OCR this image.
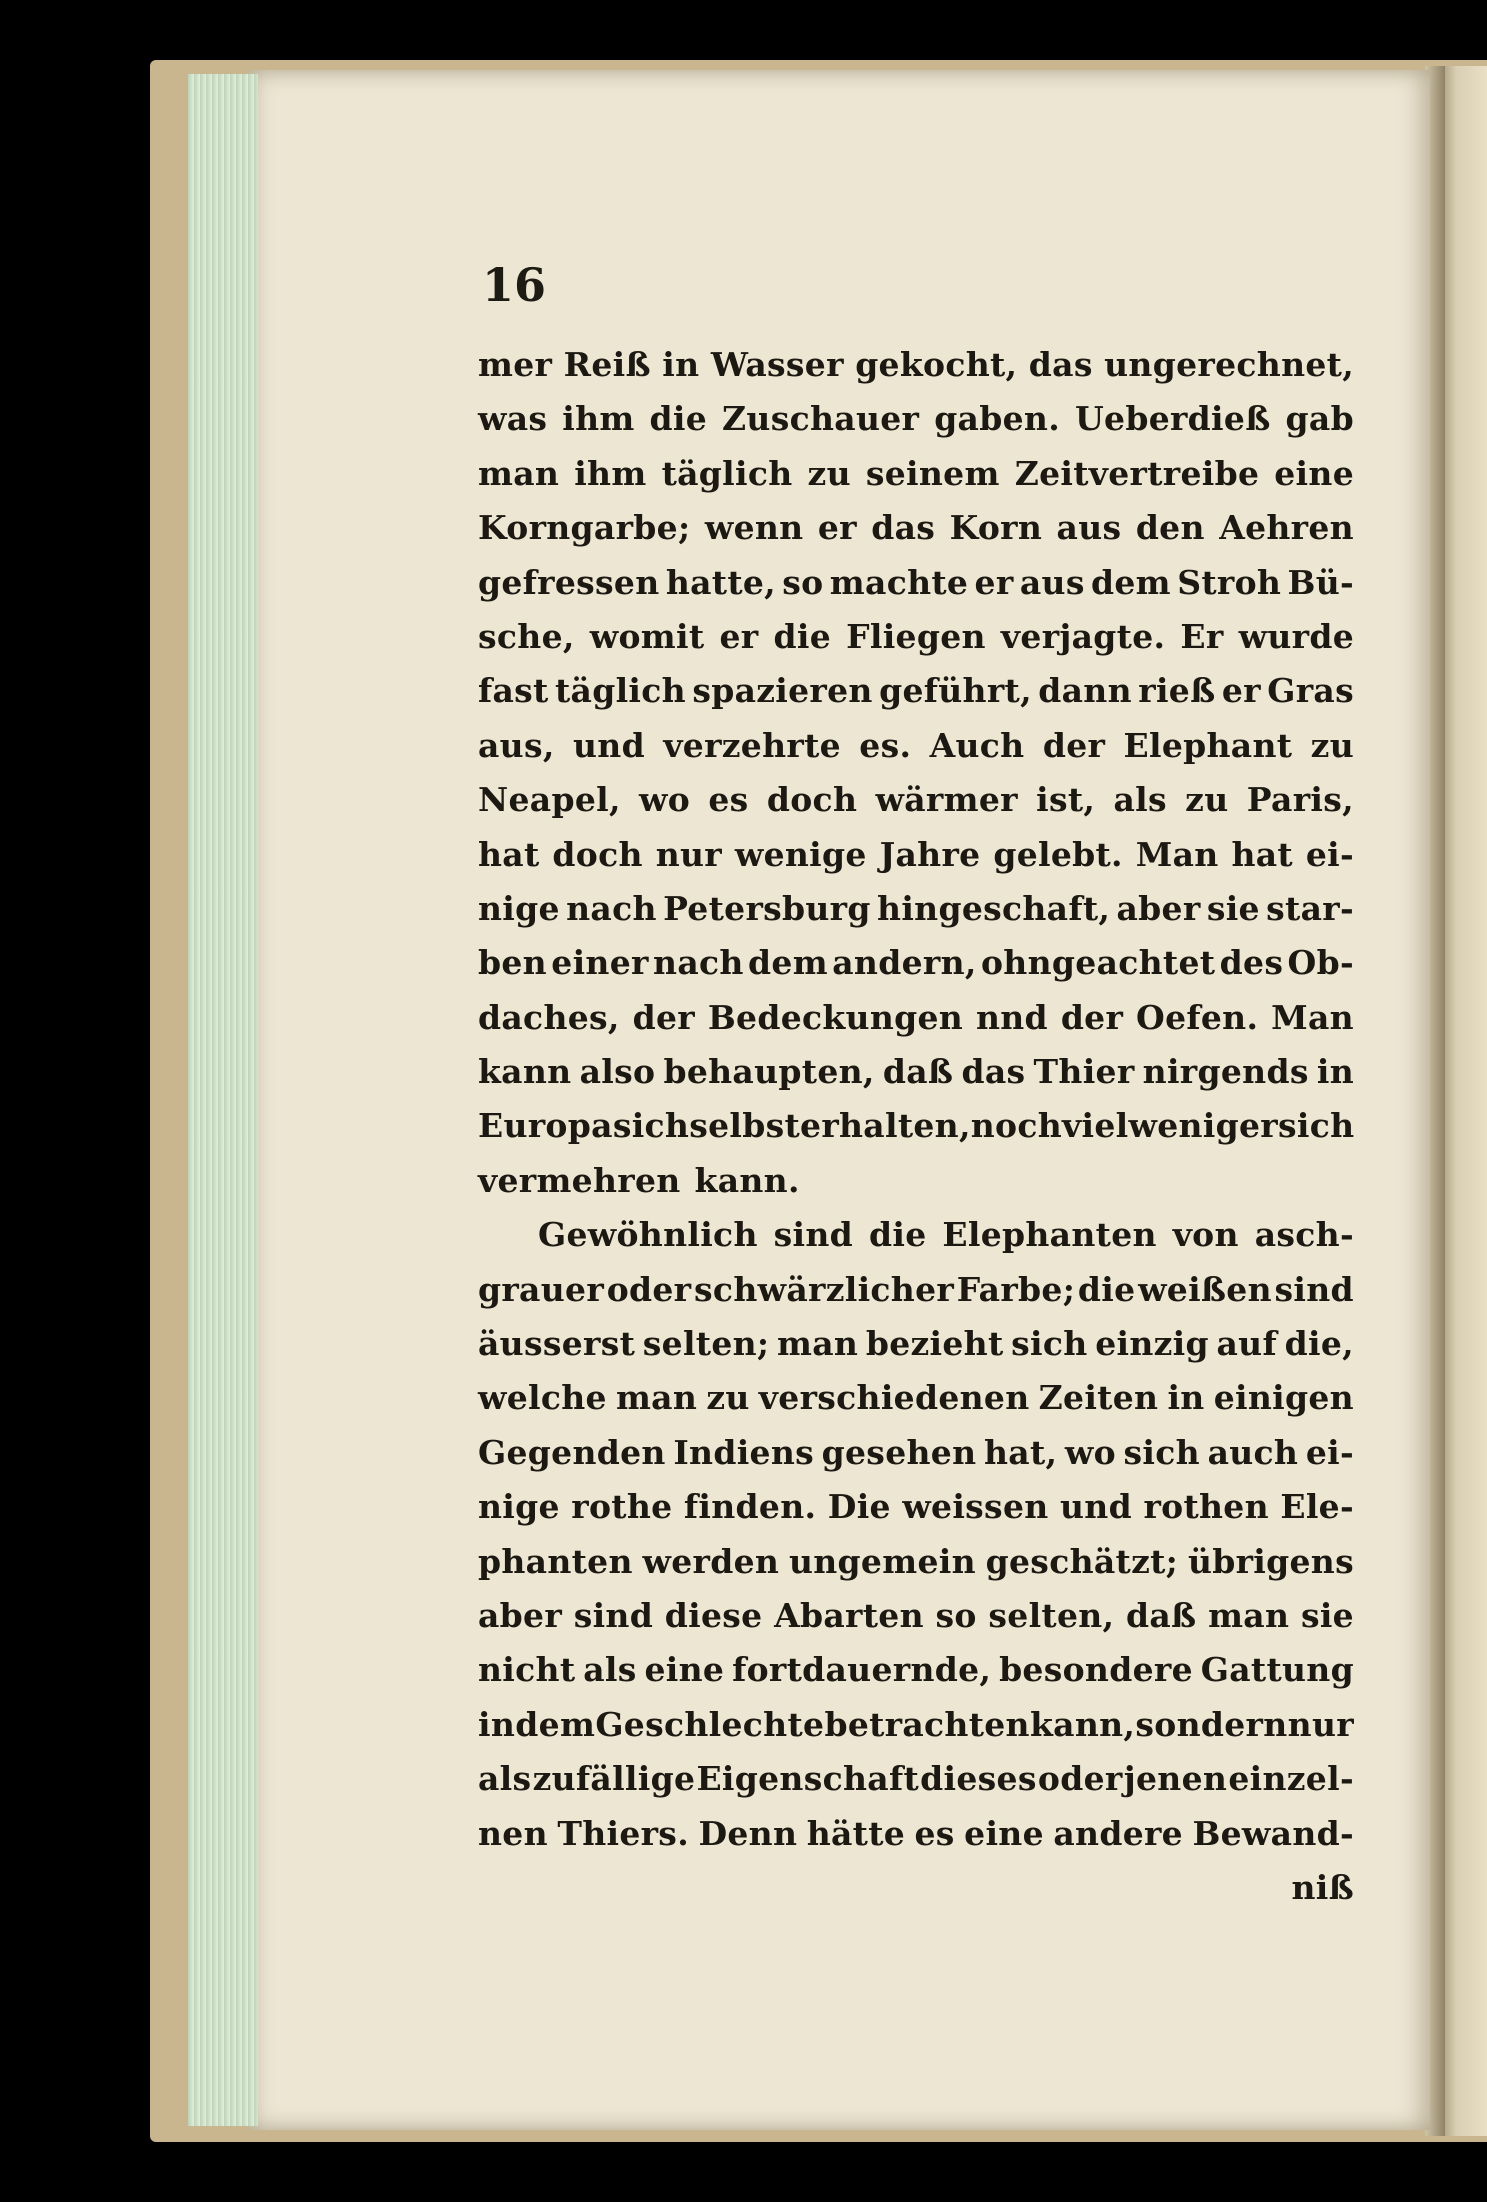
16
mer Reiß in Wasser gekocht, das ungerechnet,
was ihm die Zuschauer gaben. Ueberdieß gab
man ihm täglich zu seinem Zeitvertreibe eine
Korngarbe; wenn er das Korn aus den Aehren
gefressen hatte, so machte er aus dem Stroh Bü-
sche, womit er die Fliegen verjagte. Er wurde
fast täglich spazieren geführt, dann rieß er Gras
aus, und verzehrte es. Auch der Elephant zu
Neapel, wo es doch wärmer ist, als zu Paris,
hat doch nur wenige Jahre gelebt. Man hat ei-
nige nach Petersburg hingeschaft, aber sie star-
ben einer nach dem andern, ohngeachtet des Ob-
daches, der Bedeckungen nnd der Oefen. Man
kann also behaupten, daß das Thier nirgends in
Europa sich selbst erhalten, noch vielweniger sich
vermehren kann.
Gewöhnlich sind die Elephanten von asch-
grauer oder schwärzlicher Farbe; die weißen sind
äusserst selten; man bezieht sich einzig auf die,
welche man zu verschiedenen Zeiten in einigen
Gegenden Indiens gesehen hat, wo sich auch ei-
nige rothe finden. Die weissen und rothen Ele-
phanten werden ungemein geschätzt; übrigens
aber sind diese Abarten so selten, daß man sie
nicht als eine fortdauernde, besondere Gattung
in dem Geschlechte betrachten kann, sondern nur
als zufällige Eigenschaft dieses oder jenen einzel-
nen Thiers. Denn hätte es eine andere Bewand-
niß
